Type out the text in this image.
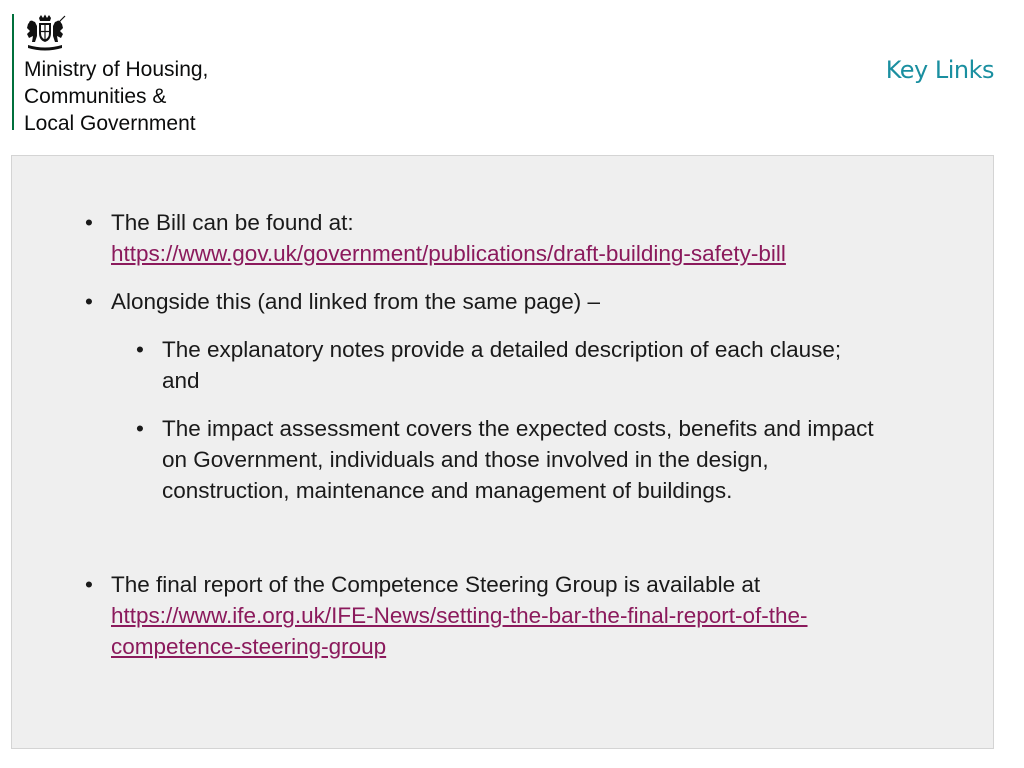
Ministry of Housing,
Communities &
Local Government
Key Links
• The Bill can be found at:
https://www.gov.uk/government/publications/draft-building-safety-bill
• Alongside this (and linked from the same page) –
• The explanatory notes provide a detailed description of each clause;
and
• The impact assessment covers the expected costs, benefits and impact
on Government, individuals and those involved in the design,
construction, maintenance and management of buildings.
• The final report of the Competence Steering Group is available at
https://www.ife.org.uk/IFE-News/setting-the-bar-the-final-report-of-the-
competence-steering-group
